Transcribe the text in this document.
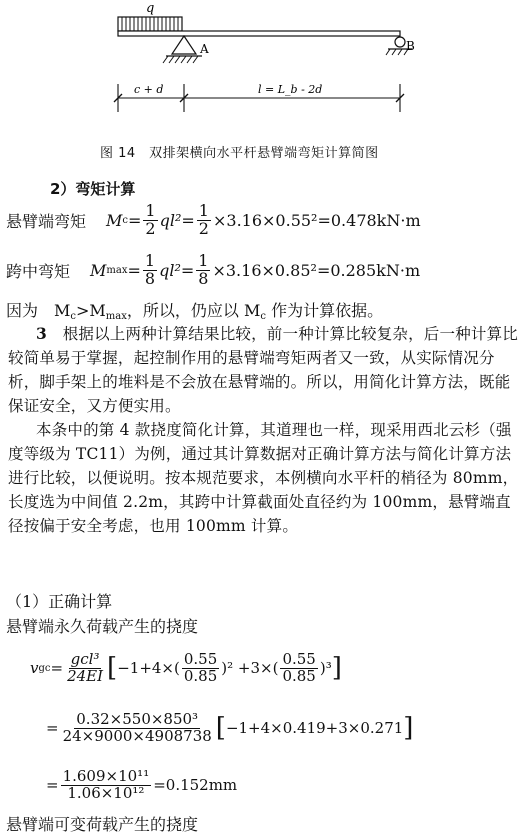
q
A	B
c + d	l = L_b - 2d
图 14　双排架横向水平杆悬臂端弯矩计算简图
2）弯矩计算
悬臂端弯矩 M $c = \frac{1}{2} ql^2= \frac{1}{2} \times 3.16\times 0.55^2=0.478kN\cdot m$
跨中弯矩 M $\max = \frac{1}{8} ql^2= \frac{1}{8} \times 3.16\times 0.85^2=0.285kN\cdot m$
因为　$M_c>M_{max}$，所以，仍应以 $M_c$ 作为计算依据。
3　 根据以上两种计算结果比较，前一种计算比较复杂，后一种计算比较简单易于掌握，起控制作用的悬臂端弯矩两者又一致，从实际情况分析，脚手架上的堆料是不会放在悬臂端的。所以，用简化计算方法，既能保证安全，又方便实用。
本条中的第 4 款挠度简化计算，其道理也一样，现采用西北云杉（强度等级为 TC11）为例，通过其计算数据对正确计算方法与简化计算方法进行比较，以便说明。按本规范要求，本例横向水平杆的梢径为 80mm，长度选为中间值 2.2m，其跨中计算截面处直径约为 100mm，悬臂端直径按偏于安全考虑，也用 100mm 计算。
（1）正确计算
悬臂端永久荷载产生的挠度
v gc = $\frac{\text{gcl³}}{24EI}$ [ $-1+4\times( \frac{0.55}{0.85} )^2 +3\times( \frac{0.55}{0.85} )^3$ ]
= $\frac{\text{0.32×550×850³}}{24\times 9000\times 4908738}$ [ −1+4×0.419+3×0.271 ]
= $\frac{\text{1.609×10¹¹}}{\text{1.06×10¹²}} =0.152mm$
悬臂端可变荷载产生的挠度
